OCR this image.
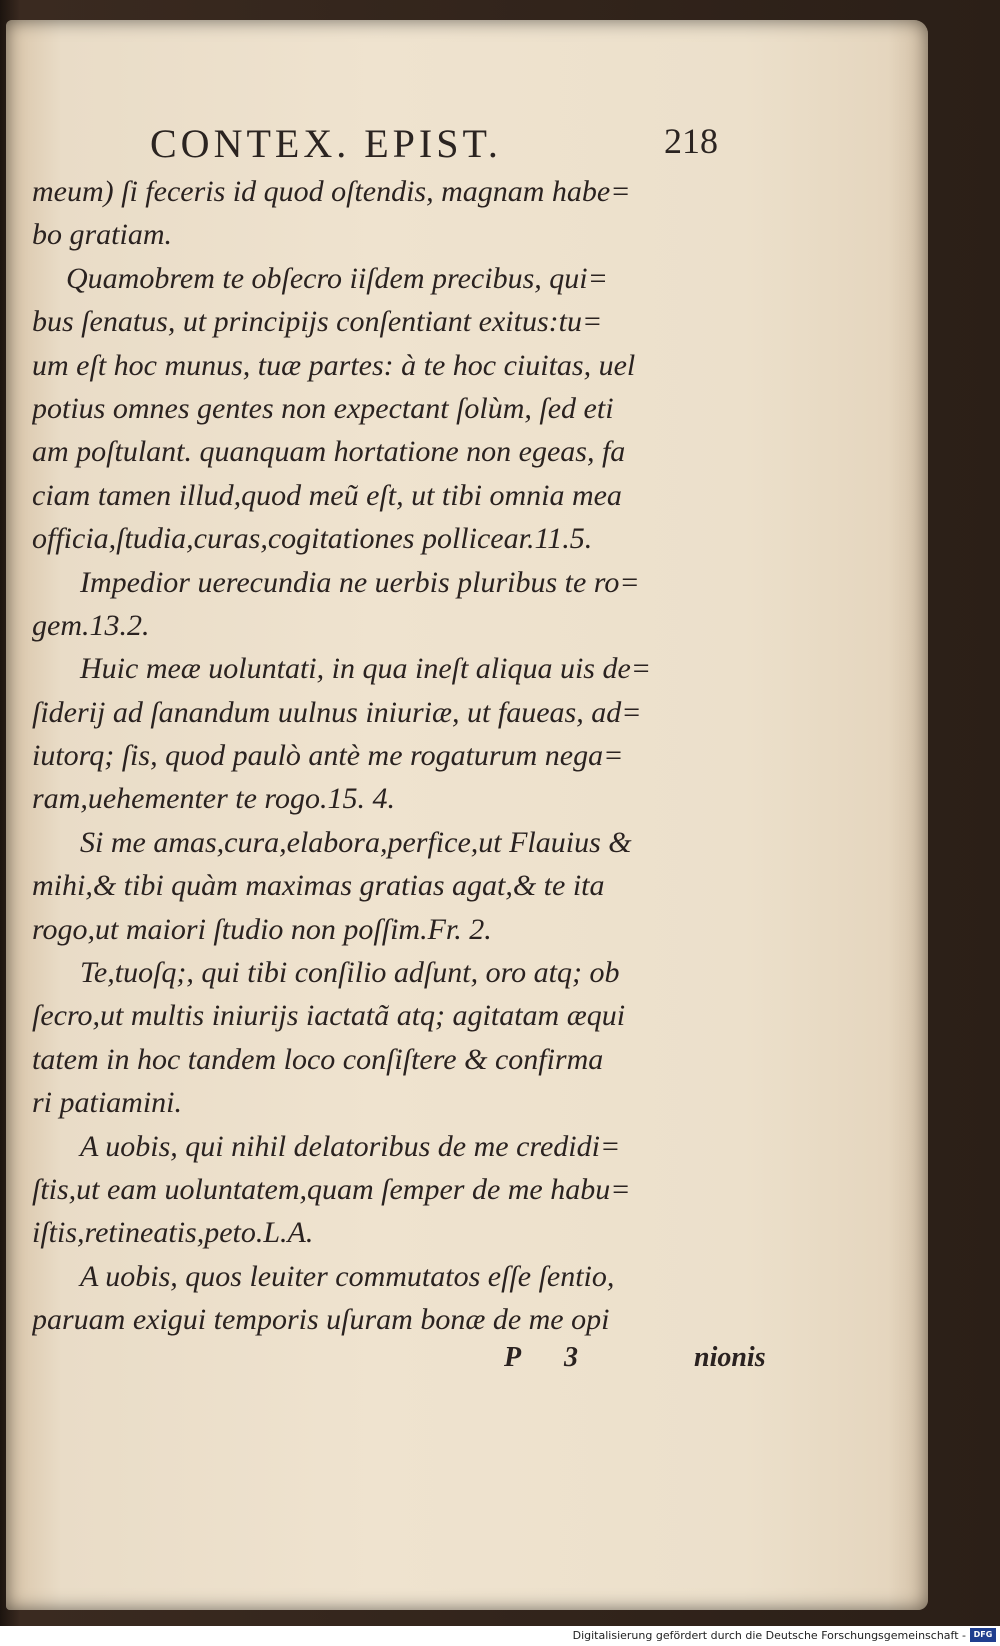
CONTEX. EPIST.	218
meum) ſi feceris id quod oſtendis, magnam habe=
bo gratiam.
Quamobrem te obſecro iiſdem precibus, qui=
bus ſenatus, ut principijs conſentiant exitus:tu=
um eſt hoc munus, tuæ partes: à te hoc ciuitas, uel
potius omnes gentes non expectant ſolùm, ſed eti
am poſtulant. quanquam hortatione non egeas, fa
ciam tamen illud,quod meũ eſt, ut tibi omnia mea
officia,ſtudia,curas,cogitationes pollicear.11.5.
Impedior uerecundia ne uerbis pluribus te ro=
gem.13.2.
Huic meæ uoluntati, in qua ineſt aliqua uis de=
ſiderij ad ſanandum uulnus iniuriæ, ut faueas, ad=
iutorq; ſis, quod paulò antè me rogaturum nega=
ram,uehementer te rogo.15. 4.
Si me amas,cura,elabora,perfice,ut Flauius &
mihi,& tibi quàm maximas gratias agat,& te ita
rogo,ut maiori ſtudio non poſſim.Fr. 2.
Te,tuoſq;, qui tibi conſilio adſunt, oro atq; ob
ſecro,ut multis iniurijs iactatã atq; agitatam æqui
tatem in hoc tandem loco conſiſtere & confirma
ri patiamini.
A uobis, qui nihil delatoribus de me credidi=
ſtis,ut eam uoluntatem,quam ſemper de me habu=
iſtis,retineatis,peto.L.A.
A uobis, quos leuiter commutatos eſſe ſentio,
paruam exigui temporis uſuram bonæ de me opi
P 3	nionis
Digitalisierung gefördert durch die Deutsche Forschungsgemeinschaft - DFG
